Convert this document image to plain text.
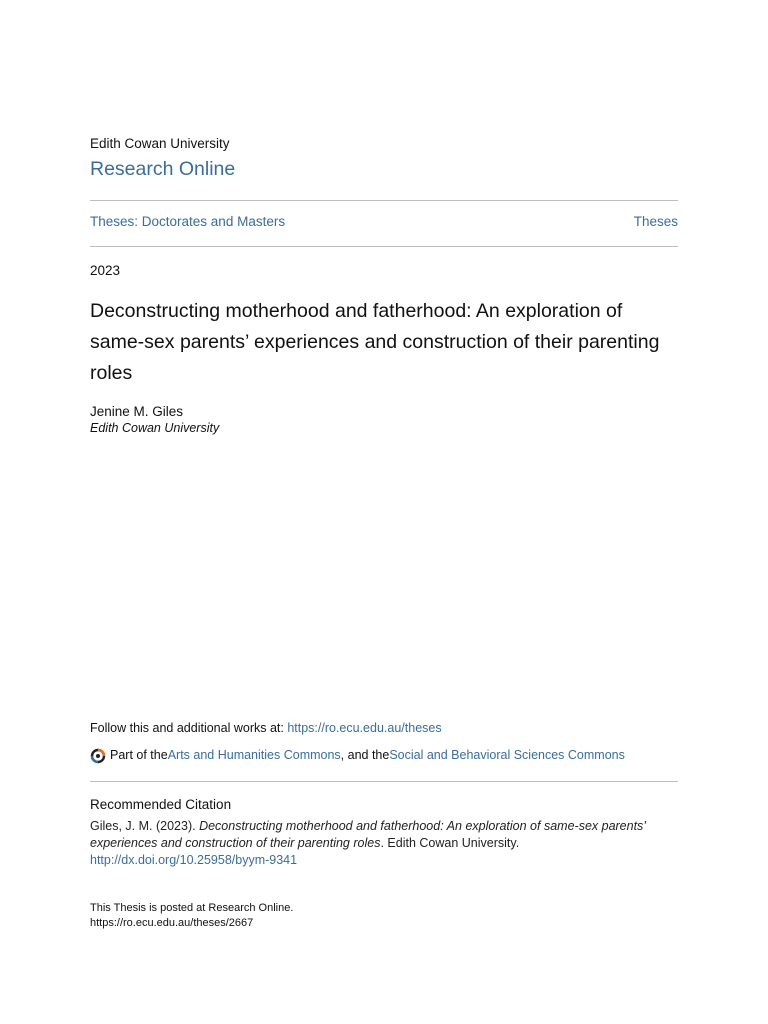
Edith Cowan University
Research Online
Theses: Doctorates and Masters	Theses
2023
Deconstructing motherhood and fatherhood: An exploration of same-sex parents’ experiences and construction of their parenting roles
Jenine M. Giles
Edith Cowan University
Follow this and additional works at: https://ro.ecu.edu.au/theses
Part of the Arts and Humanities Commons , and the Social and Behavioral Sciences Commons
Recommended Citation
Giles, J. M. (2023). Deconstructing motherhood and fatherhood: An exploration of same-sex parents’ experiences and construction of their parenting roles. Edith Cowan University. http://dx.doi.org/10.25958/byym-9341
This Thesis is posted at Research Online.
https://ro.ecu.edu.au/theses/2667
